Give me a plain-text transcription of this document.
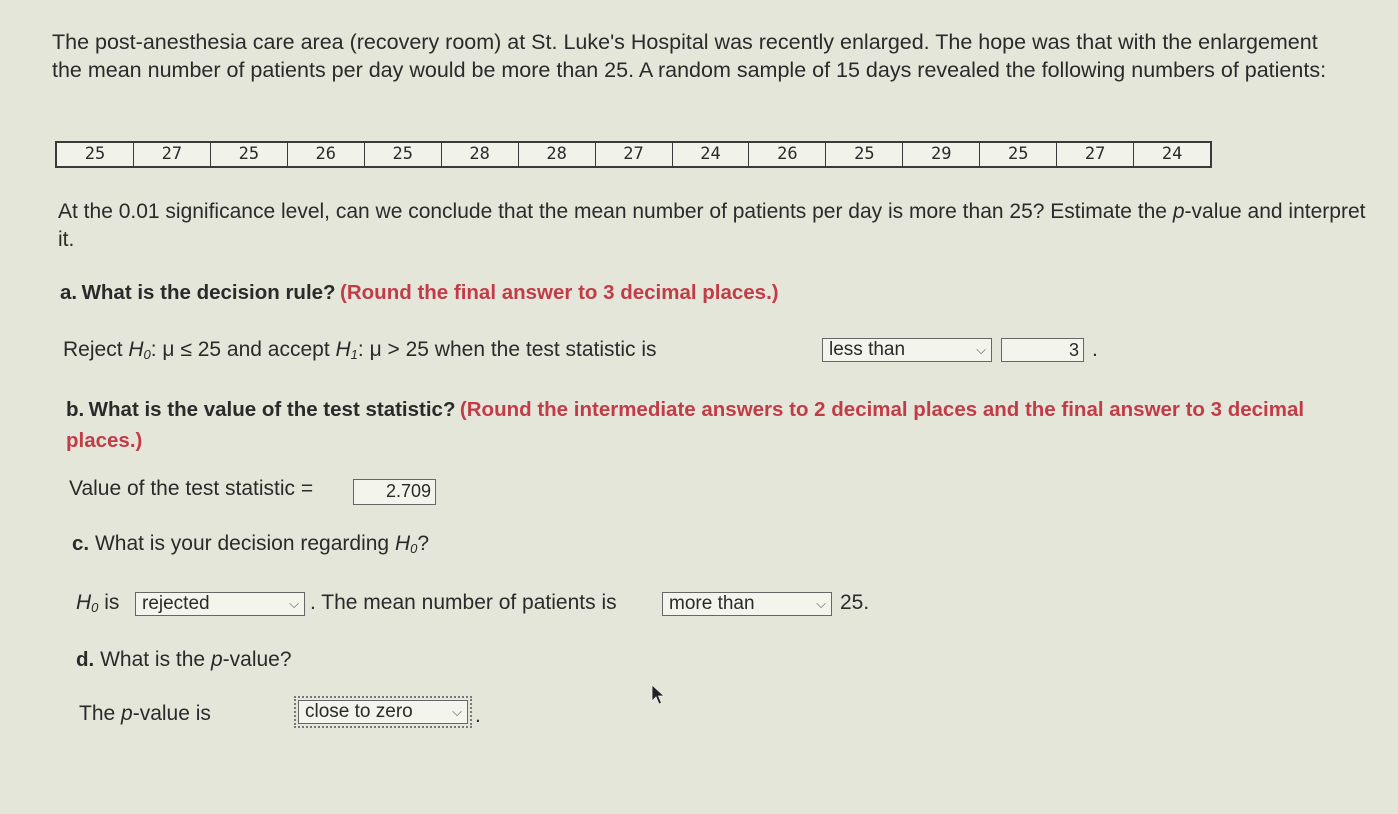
The post-anesthesia care area (recovery room) at St. Luke's Hospital was recently enlarged. The hope was that with the enlargement the mean number of patients per day would be more than 25. A random sample of 15 days revealed the following numbers of patients:
25	27	25	26	25	28	28	27	24	26	25	29	25	27	24
At the 0.01 significance level, can we conclude that the mean number of patients per day is more than 25? Estimate the p-value and interpret it.
a. What is the decision rule? (Round the final answer to 3 decimal places.)
Reject $H_0$: μ ≤ 25 and accept $H_1$: μ > 25 when the test statistic is	less than	⌵	3 .
b. What is the value of the test statistic? (Round the intermediate answers to 2 decimal places and the final answer to 3 decimal places.)
Value of the test statistic =	2.709
c. What is your decision regarding $H_0$?
$H_0$ is rejected	⌵ . The mean number of patients is	more than	⌵ 25.
d. What is the p-value?
The p-value is	close to zero	⌵ .
